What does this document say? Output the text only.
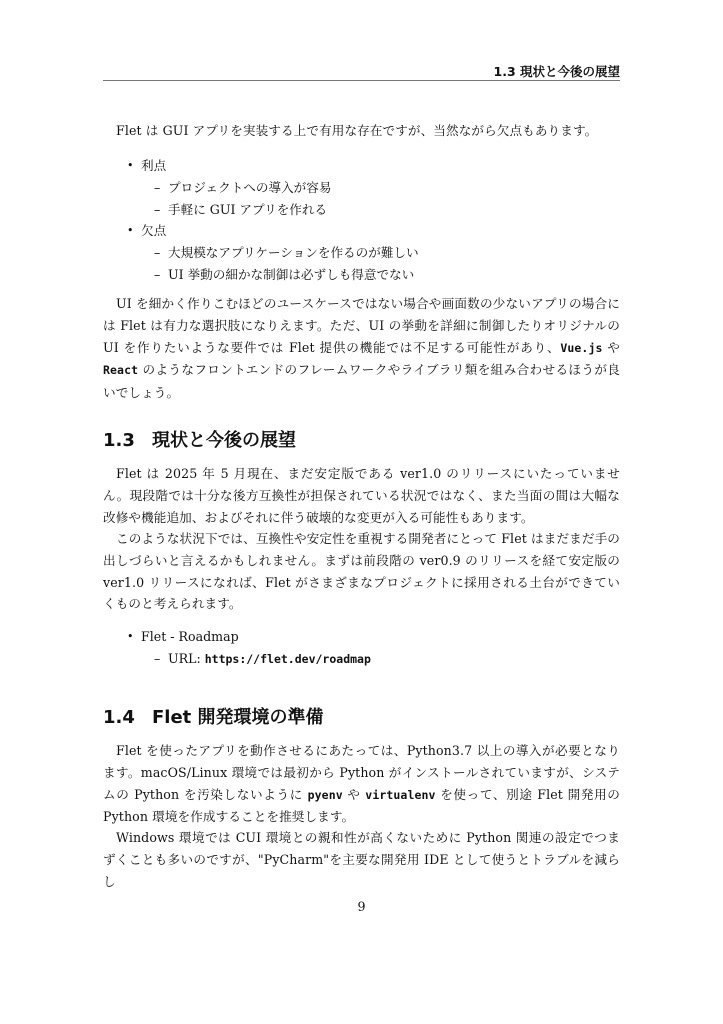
1.3 現状と今後の展望

Flet は GUI アプリを実装する上で有用な存在ですが、当然ながら欠点もあります。

• 利点
– プロジェクトへの導入が容易
– 手軽に GUI アプリを作れる
• 欠点
– 大規模なアプリケーションを作るのが難しい
– UI 挙動の細かな制御は必ずしも得意でない

UI を細かく作りこむほどのユースケースではない場合や画面数の少ないアプリの場合には Flet は有力な選択肢になりえます。ただ、UI の挙動を詳細に制御したりオリジナルの UI を作りたいような要件では Flet 提供の機能では不足する可能性があり、Vue.js や React のようなフロントエンドのフレームワークやライブラリ類を組み合わせるほうが良いでしょう。

1.3 現状と今後の展望

Flet は 2025 年 5 月現在、まだ安定版である ver1.0 のリリースにいたっていません。現段階では十分な後方互換性が担保されている状況ではなく、また当面の間は大幅な改修や機能追加、およびそれに伴う破壊的な変更が入る可能性もあります。

このような状況下では、互換性や安定性を重視する開発者にとって Flet はまだまだ手の出しづらいと言えるかもしれません。まずは前段階の ver0.9 のリリースを経て安定版の ver1.0 リリースになれば、Flet がさまざまなプロジェクトに採用される土台ができていくものと考えられます。

• Flet - Roadmap
– URL: https://flet.dev/roadmap
1.4 Flet 開発環境の準備

Flet を使ったアプリを動作させるにあたっては、Python3.7 以上の導入が必要となります。macOS/Linux 環境では最初から Python がインストールされていますが、システムの Python を汚染しないように pyenv や virtualenv を使って、別途 Flet 開発用の Python 環境を作成することを推奨します。

Windows 環境では CUI 環境との親和性が高くないために Python 関連の設定でつまずくことも多いのですが、"PyCharm"を主要な開発用 IDE として使うとトラブルを減らし

9
